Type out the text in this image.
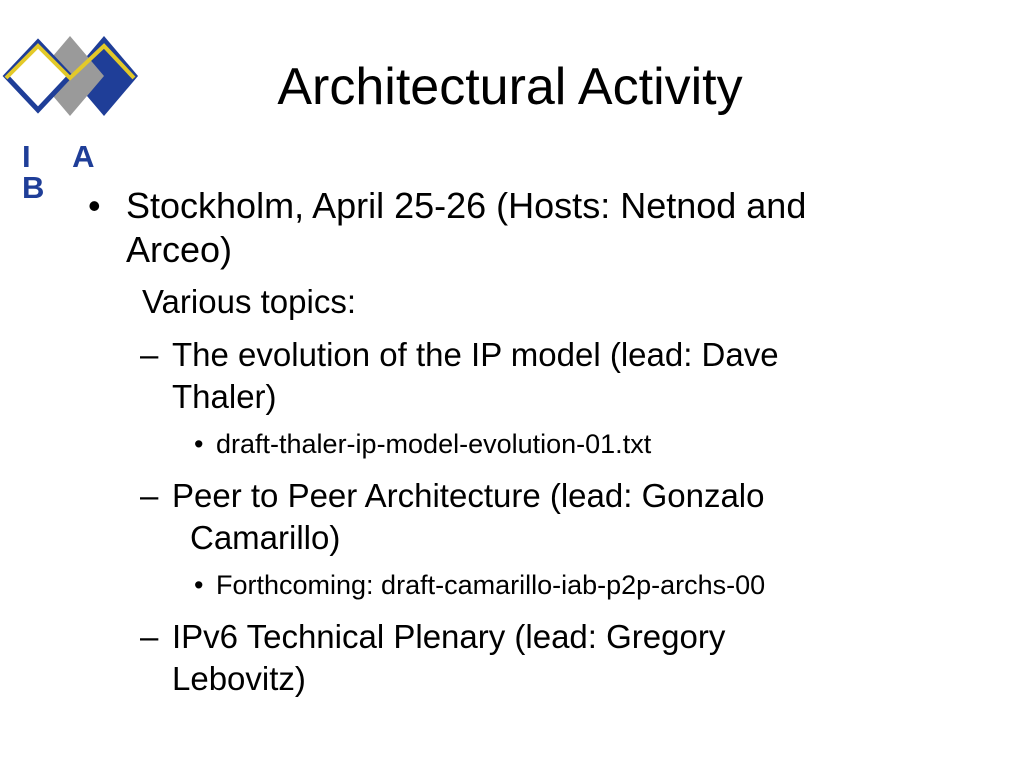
I A B
Architectural Activity
• Stockholm, April 25-26 (Hosts: Netnod and
Arceo)
Various topics:
– The evolution of the IP model (lead: Dave
Thaler)
• draft-thaler-ip-model-evolution-01.txt
– Peer to Peer Architecture (lead: Gonzalo
Camarillo)
• Forthcoming: draft-camarillo-iab-p2p-archs-00
– IPv6 Technical Plenary (lead: Gregory
Lebovitz)
